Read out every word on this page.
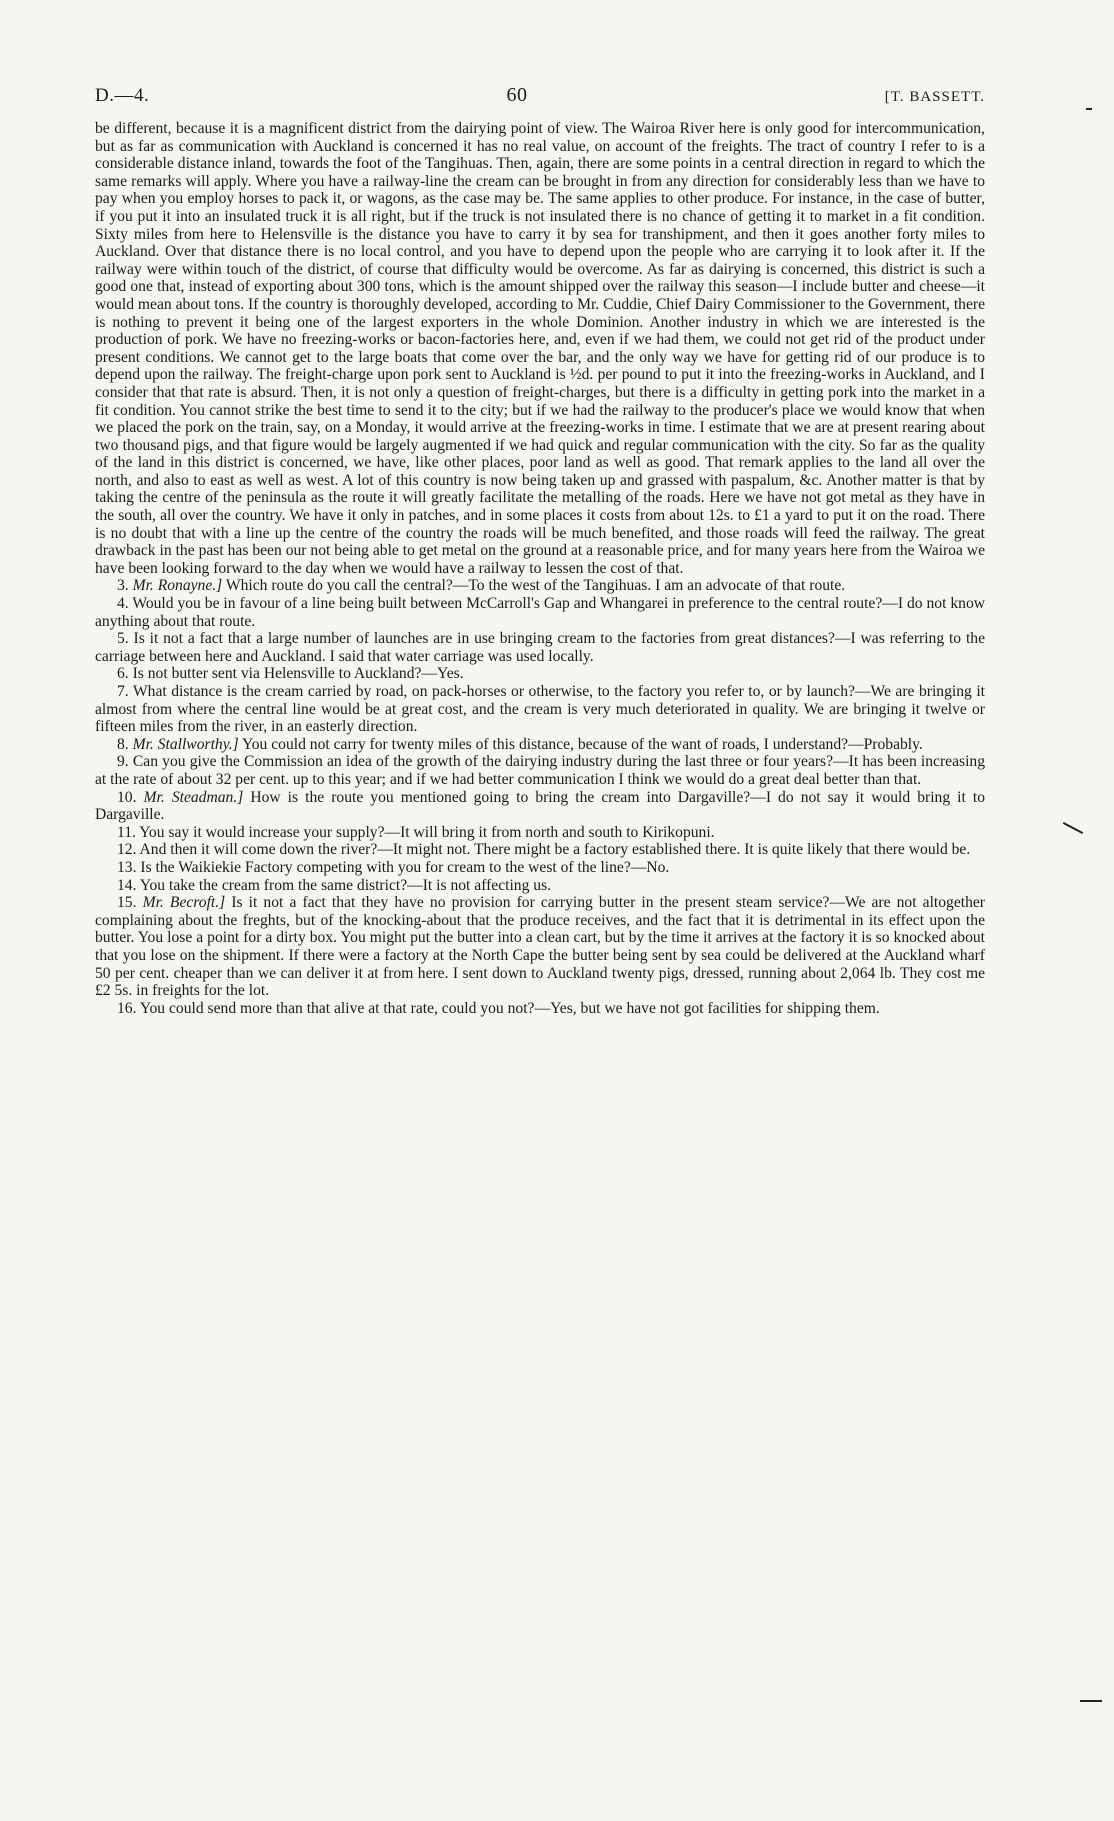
D.—4.	60	[T. BASSETT.

be different, because it is a magnificent district from the dairying point of view. The Wairoa River here is only good for intercommunication, but as far as communication with Auckland is concerned it has no real value, on account of the freights. The tract of country I refer to is a considerable distance inland, towards the foot of the Tangihuas. Then, again, there are some points in a central direction in regard to which the same remarks will apply. Where you have a railway-line the cream can be brought in from any direction for considerably less than we have to pay when you employ horses to pack it, or wagons, as the case may be. The same applies to other produce. For instance, in the case of butter, if you put it into an insulated truck it is all right, but if the truck is not insulated there is no chance of getting it to market in a fit condition. Sixty miles from here to Helensville is the distance you have to carry it by sea for transhipment, and then it goes another forty miles to Auckland. Over that distance there is no local control, and you have to depend upon the people who are carrying it to look after it. If the railway were within touch of the district, of course that difficulty would be overcome. As far as dairying is concerned, this district is such a good one that, instead of exporting about 300 tons, which is the amount shipped over the railway this season—I include butter and cheese—it would mean about tons. If the country is thoroughly developed, according to Mr. Cuddie, Chief Dairy Commissioner to the Government, there is nothing to prevent it being one of the largest exporters in the whole Dominion. Another industry in which we are interested is the production of pork. We have no freezing-works or bacon-factories here, and, even if we had them, we could not get rid of the product under present conditions. We cannot get to the large boats that come over the bar, and the only way we have for getting rid of our produce is to depend upon the railway. The freight-charge upon pork sent to Auckland is ½d. per pound to put it into the freezing-works in Auckland, and I consider that that rate is absurd. Then, it is not only a question of freight-charges, but there is a difficulty in getting pork into the market in a fit condition. You cannot strike the best time to send it to the city; but if we had the railway to the producer's place we would know that when we placed the pork on the train, say, on a Monday, it would arrive at the freezing-works in time. I estimate that we are at present rearing about two thousand pigs, and that figure would be largely augmented if we had quick and regular communication with the city. So far as the quality of the land in this district is concerned, we have, like other places, poor land as well as good. That remark applies to the land all over the north, and also to east as well as west. A lot of this country is now being taken up and grassed with paspalum, &c. Another matter is that by taking the centre of the peninsula as the route it will greatly facilitate the metalling of the roads. Here we have not got metal as they have in the south, all over the country. We have it only in patches, and in some places it costs from about 12s. to £1 a yard to put it on the road. There is no doubt that with a line up the centre of the country the roads will be much benefited, and those roads will feed the railway. The great drawback in the past has been our not being able to get metal on the ground at a reasonable price, and for many years here from the Wairoa we have been looking forward to the day when we would have a railway to lessen the cost of that.

3. Mr. Ronayne.] Which route do you call the central?—To the west of the Tangihuas. I am an advocate of that route.

4. Would you be in favour of a line being built between McCarroll's Gap and Whangarei in preference to the central route?—I do not know anything about that route.

5. Is it not a fact that a large number of launches are in use bringing cream to the factories from great distances?—I was referring to the carriage between here and Auckland. I said that water carriage was used locally.

6. Is not butter sent via Helensville to Auckland?—Yes.

7. What distance is the cream carried by road, on pack-horses or otherwise, to the factory you refer to, or by launch?—We are bringing it almost from where the central line would be at great cost, and the cream is very much deteriorated in quality. We are bringing it twelve or fifteen miles from the river, in an easterly direction.

8. Mr. Stallworthy.] You could not carry for twenty miles of this distance, because of the want of roads, I understand?—Probably.

9. Can you give the Commission an idea of the growth of the dairying industry during the last three or four years?—It has been increasing at the rate of about 32 per cent. up to this year; and if we had better communication I think we would do a great deal better than that.

10. Mr. Steadman.] How is the route you mentioned going to bring the cream into Dargaville?—I do not say it would bring it to Dargaville.

11. You say it would increase your supply?—It will bring it from north and south to Kirikopuni.

12. And then it will come down the river?—It might not. There might be a factory established there. It is quite likely that there would be.

13. Is the Waikiekie Factory competing with you for cream to the west of the line?—No.

14. You take the cream from the same district?—It is not affecting us.

15. Mr. Becroft.] Is it not a fact that they have no provision for carrying butter in the present steam service?—We are not altogether complaining about the freghts, but of the knocking-about that the produce receives, and the fact that it is detrimental in its effect upon the butter. You lose a point for a dirty box. You might put the butter into a clean cart, but by the time it arrives at the factory it is so knocked about that you lose on the shipment. If there were a factory at the North Cape the butter being sent by sea could be delivered at the Auckland wharf 50 per cent. cheaper than we can deliver it at from here. I sent down to Auckland twenty pigs, dressed, running about 2,064 lb. They cost me £2 5s. in freights for the lot.

16. You could send more than that alive at that rate, could you not?—Yes, but we have not got facilities for shipping them.
